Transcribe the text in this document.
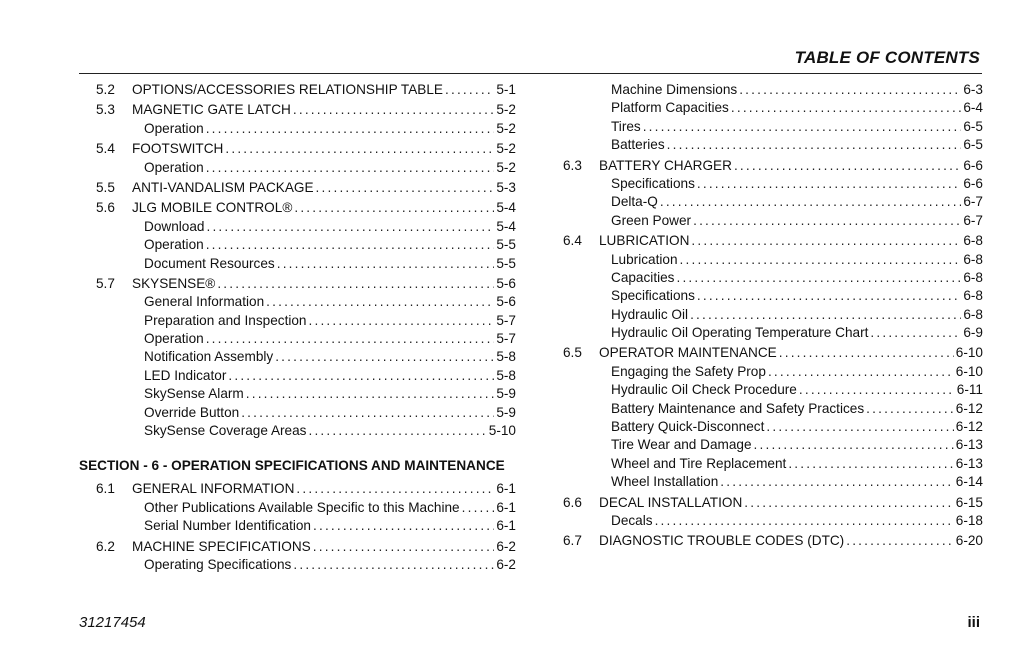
TABLE OF CONTENTS
5.2	OPTIONS/ACCESSORIES RELATIONSHIP TABLE .....	5-1
5.3	MAGNETIC GATE LATCH .....	5-2
Operation .....	5-2
5.4	FOOTSWITCH .....	5-2
Operation .....	5-2
5.5	ANTI-VANDALISM PACKAGE .....	5-3
5.6	JLG MOBILE CONTROL® .....	5-4
Download .....	5-4
Operation .....	5-5
Document Resources .....	5-5
5.7	SKYSENSE® .....	5-6
General Information .....	5-6
Preparation and Inspection .....	5-7
Operation .....	5-7
Notification Assembly .....	5-8
LED Indicator .....	5-8
SkySense Alarm .....	5-9
Override Button .....	5-9
SkySense Coverage Areas .....	5-10
SECTION - 6 - OPERATION SPECIFICATIONS AND MAINTENANCE
6.1	GENERAL INFORMATION .....	6-1
Other Publications Available Specific to this Machine .....	6-1
Serial Number Identification .....	6-1
6.2	MACHINE SPECIFICATIONS .....	6-2
Operating Specifications .....	6-2
Machine Dimensions .....	6-3
Platform Capacities .....	6-4
Tires .....	6-5
Batteries .....	6-5
6.3	BATTERY CHARGER .....	6-6
Specifications .....	6-6
Delta-Q .....	6-7
Green Power .....	6-7
6.4	LUBRICATION .....	6-8
Lubrication .....	6-8
Capacities .....	6-8
Specifications .....	6-8
Hydraulic Oil .....	6-8
Hydraulic Oil Operating Temperature Chart .....	6-9
6.5	OPERATOR MAINTENANCE .....	6-10
Engaging the Safety Prop .....	6-10
Hydraulic Oil Check Procedure .....	6-11
Battery Maintenance and Safety Practices .....	6-12
Battery Quick-Disconnect .....	6-12
Tire Wear and Damage .....	6-13
Wheel and Tire Replacement .....	6-13
Wheel Installation .....	6-14
6.6	DECAL INSTALLATION .....	6-15
Decals .....	6-18
6.7	DIAGNOSTIC TROUBLE CODES (DTC) .....	6-20
31217454	iii
